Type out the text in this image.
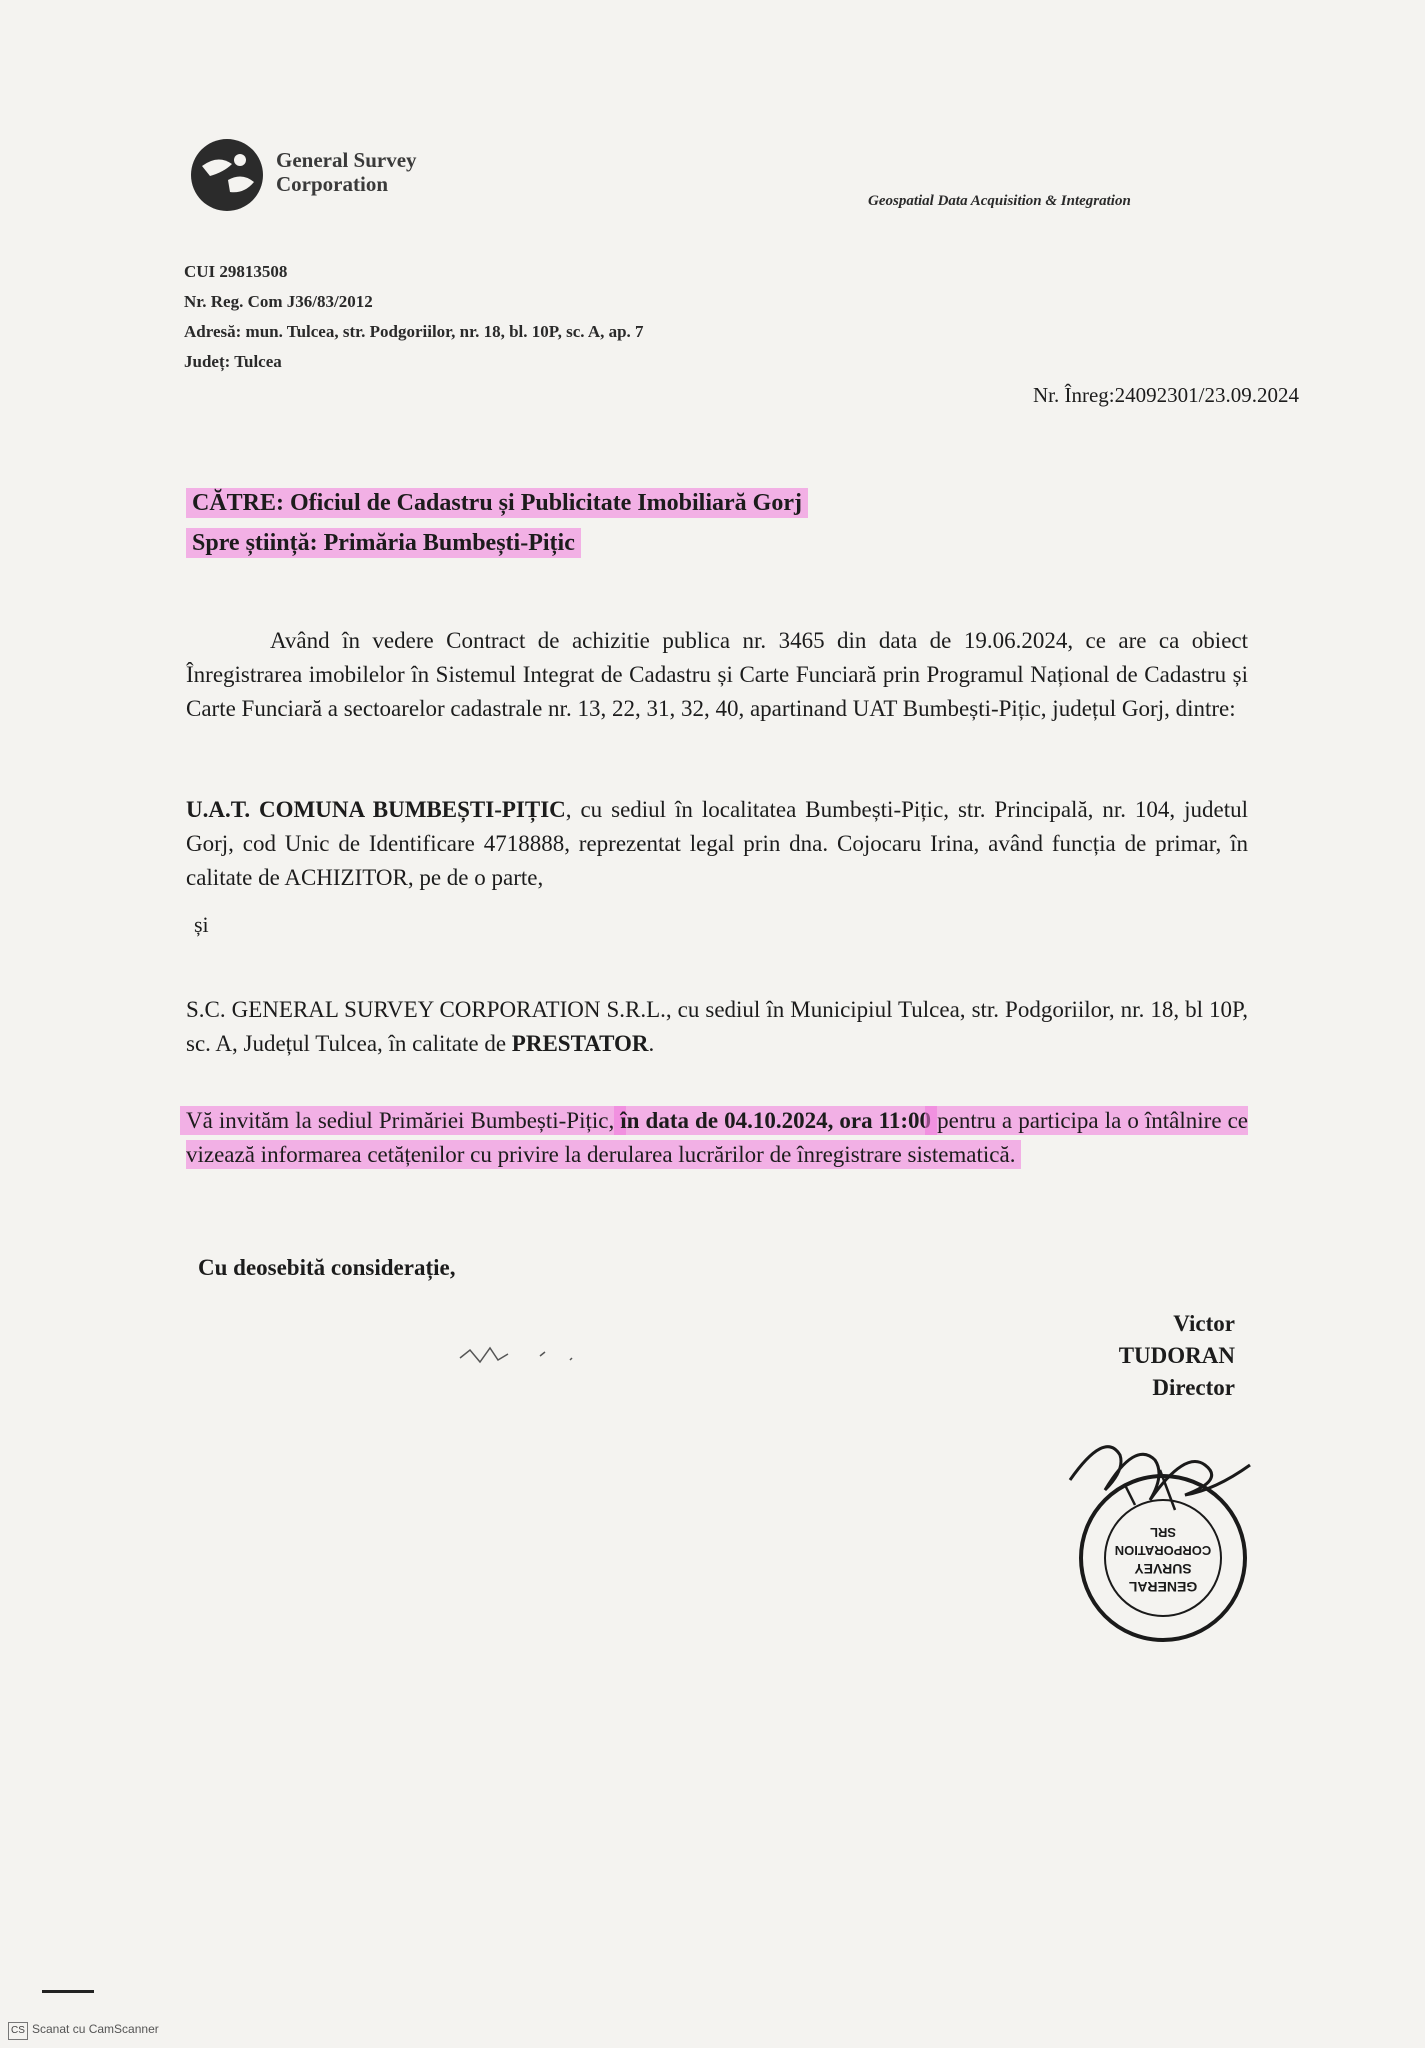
General Survey
Corporation
Geospatial Data Acquisition & Integration
CUI 29813508
Nr. Reg. Com J36/83/2012
Adresă: mun. Tulcea, str. Podgoriilor, nr. 18, bl. 10P, sc. A, ap. 7
Județ: Tulcea
Nr. Înreg:24092301/23.09.2024
CĂTRE: Oficiul de Cadastru și Publicitate Imobiliară Gorj
Spre știință: Primăria Bumbești-Pițic
Având în vedere Contract de achizitie publica nr. 3465 din data de 19.06.2024, ce are ca obiect Înregistrarea imobilelor în Sistemul Integrat de Cadastru și Carte Funciară prin Programul Național de Cadastru și Carte Funciară a sectoarelor cadastrale nr. 13, 22, 31, 32, 40, apartinand UAT Bumbești-Pițic, județul Gorj, dintre:
U.A.T. COMUNA BUMBEȘTI-PIȚIC, cu sediul în localitatea Bumbești-Pițic, str. Principală, nr. 104, judetul Gorj, cod Unic de Identificare 4718888, reprezentat legal prin dna. Cojocaru Irina, având funcția de primar, în calitate de ACHIZITOR, pe de o parte,
și
S.C. GENERAL SURVEY CORPORATION S.R.L., cu sediul în Municipiul Tulcea, str. Podgoriilor, nr. 18, bl 10P, sc. A, Județul Tulcea, în calitate de PRESTATOR.
Vă invităm la sediul Primăriei Bumbești-Pițic, în data de 04.10.2024, ora 11:00 pentru a participa la o întâlnire ce vizează informarea cetățenilor cu privire la derularea lucrărilor de înregistrare sistematică.
Cu deosebită considerație,
Victor
TUDORAN
Director
GENERAL
SURVEY
CORPORATION
SRL
CS Scanat cu CamScanner
